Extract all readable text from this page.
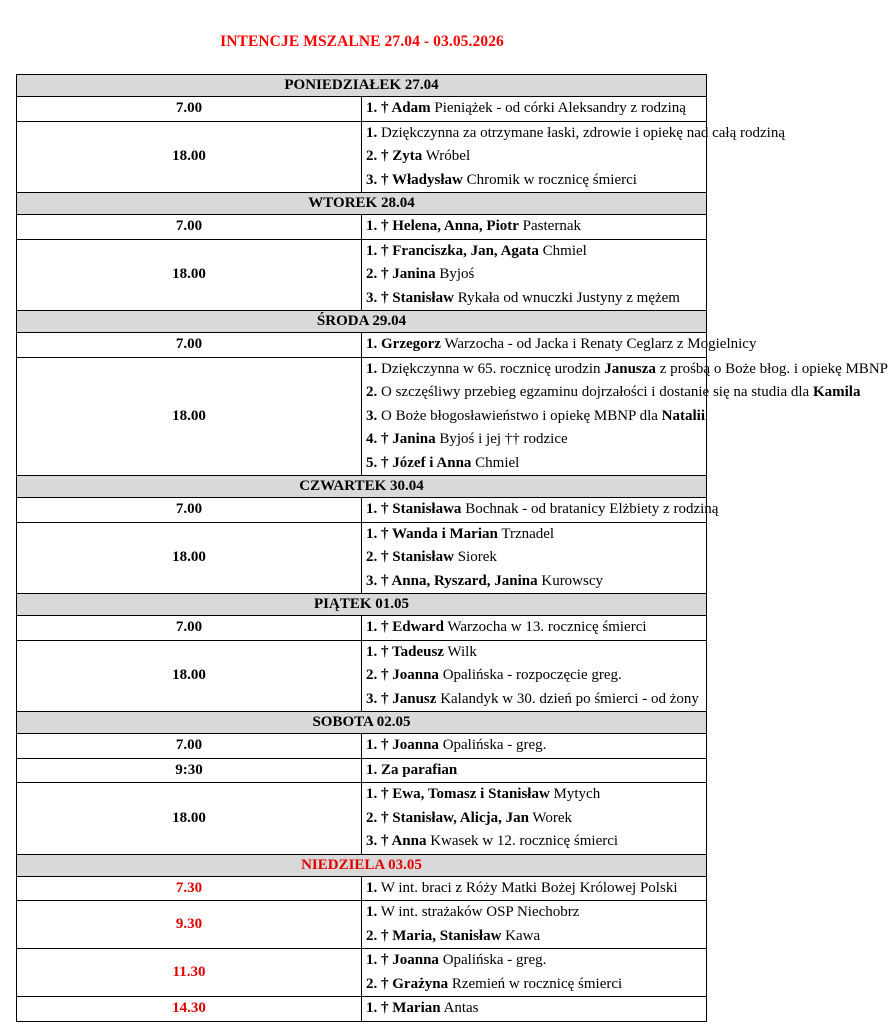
INTENCJE MSZALNE 27.04 - 03.05.2026
PONIEDZIAŁEK 27.04	
7.00	1. † Adam Pieniążek - od córki Aleksandry z rodziną

18.00	1. Dziękczynna za otrzymane łaski, zdrowie i opiekę nad całą rodziną
2. † Zyta Wróbel
3. † Władysław Chromik w rocznicę śmierci

WTOREK 28.04	
7.00	1. † Helena, Anna, Piotr Pasternak

18.00	1. † Franciszka, Jan, Agata Chmiel
2. † Janina Byjoś
3. † Stanisław Rykała od wnuczki Justyny z mężem

ŚRODA 29.04	
7.00	1. Grzegorz Warzocha - od Jacka i Renaty Ceglarz z Mogielnicy

18.00	1. Dziękczynna w 65. rocznicę urodzin Janusza z prośbą o Boże błog. i opiekę MBNP
2. O szczęśliwy przebieg egzaminu dojrzałości i dostanie się na studia dla Kamila
3. O Boże błogosławieństwo i opiekę MBNP dla Natalii
4. † Janina Byjoś i jej †† rodzice
5. † Józef i Anna Chmiel

CZWARTEK 30.04	
7.00	1. † Stanisława Bochnak - od bratanicy Elżbiety z rodziną

18.00	1. † Wanda i Marian Trznadel
2. † Stanisław Siorek
3. † Anna, Ryszard, Janina Kurowscy

PIĄTEK 01.05	
7.00	1. † Edward Warzocha w 13. rocznicę śmierci

18.00	1. † Tadeusz Wilk
2. † Joanna Opalińska - rozpoczęcie greg.
3. † Janusz Kalandyk w 30. dzień po śmierci - od żony

SOBOTA 02.05	
7.00	1. † Joanna Opalińska - greg.

9:30	1. Za parafian

18.00	1. † Ewa, Tomasz i Stanisław Mytych
2. † Stanisław, Alicja, Jan Worek
3. † Anna Kwasek w 12. rocznicę śmierci

NIEDZIELA 03.05	
7.30	1. W int. braci z Róży Matki Bożej Królowej Polski

9.30	1. W int. strażaków OSP Niechobrz
2. † Maria, Stanisław Kawa

11.30	1. † Joanna Opalińska - greg.
2. † Grażyna Rzemień w rocznicę śmierci

14.30	1. † Marian Antas
